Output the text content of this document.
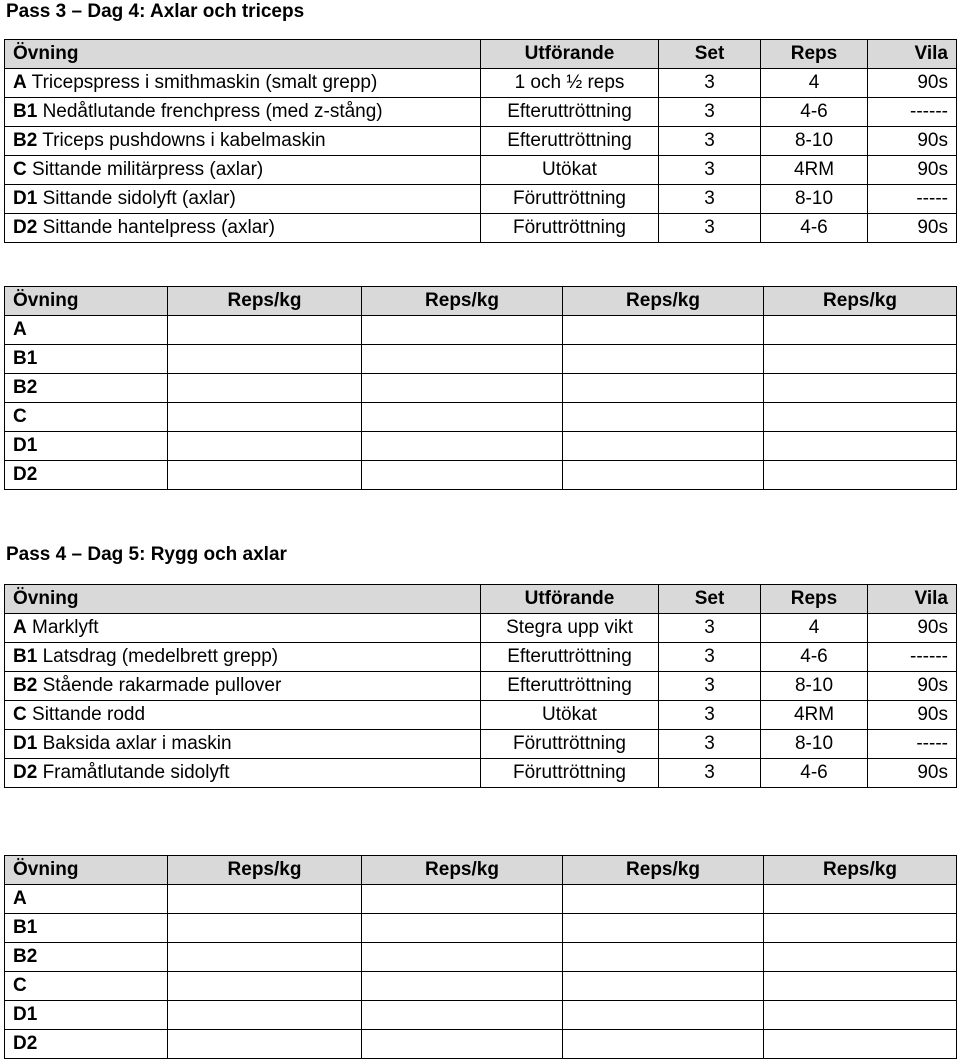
Pass 3 – Dag 4: Axlar och triceps
Övning	Utförande	Set	Reps	Vila
A Tricepspress i smithmaskin (smalt grepp)	1 och ½ reps	3	4	90s
B1 Nedåtlutande frenchpress (med z-stång)	Efteruttröttning	3	4-6	------
B2 Triceps pushdowns i kabelmaskin	Efteruttröttning	3	8-10	90s
C Sittande militärpress (axlar)	Utökat	3	4RM	90s
D1 Sittande sidolyft (axlar)	Föruttröttning	3	8-10	-----
D2 Sittande hantelpress (axlar)	Föruttröttning	3	4-6	90s
Övning	Reps/kg	Reps/kg	Reps/kg	Reps/kg
A				
B1				
B2				
C				
D1				
D2				
Pass 4 – Dag 5: Rygg och axlar
Övning	Utförande	Set	Reps	Vila
A Marklyft	Stegra upp vikt	3	4	90s
B1 Latsdrag (medelbrett grepp)	Efteruttröttning	3	4-6	------
B2 Stående rakarmade pullover	Efteruttröttning	3	8-10	90s
C Sittande rodd	Utökat	3	4RM	90s
D1 Baksida axlar i maskin	Föruttröttning	3	8-10	-----
D2 Framåtlutande sidolyft	Föruttröttning	3	4-6	90s
Övning	Reps/kg	Reps/kg	Reps/kg	Reps/kg
A				
B1				
B2				
C				
D1				
D2				
